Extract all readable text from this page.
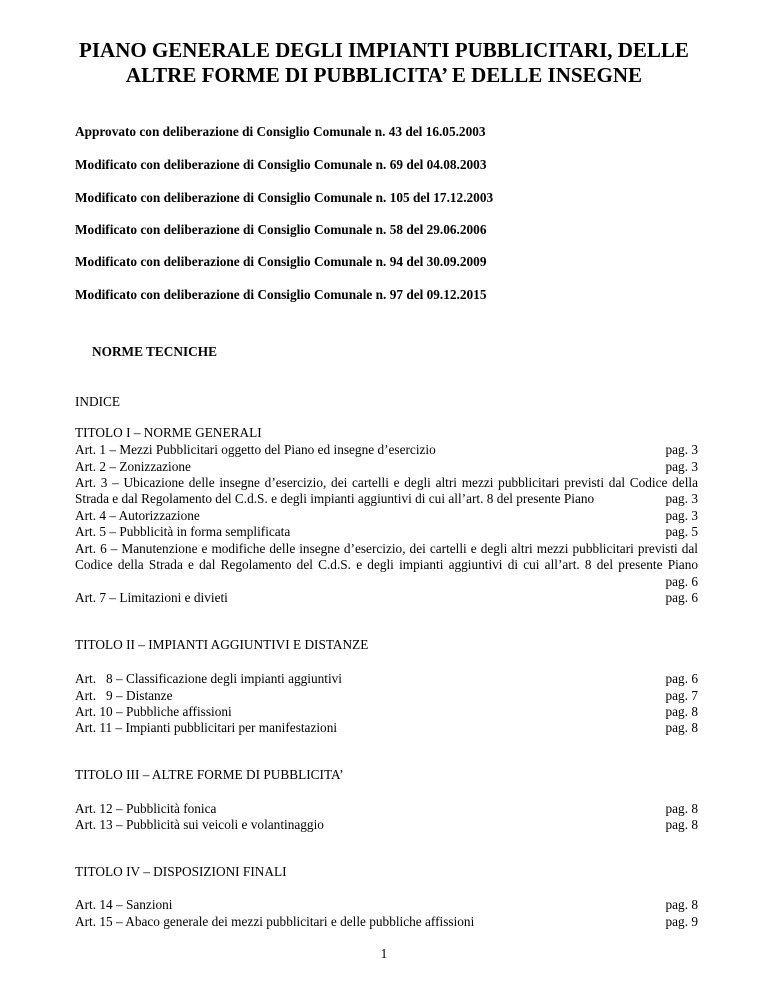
PIANO GENERALE DEGLI IMPIANTI PUBBLICITARI, DELLE
ALTRE FORME DI PUBBLICITA’ E DELLE INSEGNE
Approvato con deliberazione di Consiglio Comunale n. 43 del 16.05.2003
Modificato con deliberazione di Consiglio Comunale n. 69 del 04.08.2003
Modificato con deliberazione di Consiglio Comunale n. 105 del 17.12.2003
Modificato con deliberazione di Consiglio Comunale n. 58 del 29.06.2006
Modificato con deliberazione di Consiglio Comunale n. 94 del 30.09.2009
Modificato con deliberazione di Consiglio Comunale n. 97 del 09.12.2015
NORME TECNICHE
INDICE
TITOLO I – NORME GENERALI
Art. 1 – Mezzi Pubblicitari oggetto del Piano ed insegne d’esercizio	pag. 3
Art. 2 – Zonizzazione	pag. 3
Art. 3 – Ubicazione delle insegne d’esercizio, dei cartelli e degli altri mezzi pubblicitari previsti dal Codice della
Strada e dal Regolamento del C.d.S. e degli impianti aggiuntivi di cui all’art. 8 del presente Piano	pag. 3
Art. 4 – Autorizzazione	pag. 3
Art. 5 – Pubblicità in forma semplificata	pag. 5
Art. 6 – Manutenzione e modifiche delle insegne d’esercizio, dei cartelli e degli altri mezzi pubblicitari previsti dal
Codice della Strada e dal Regolamento del C.d.S. e degli impianti aggiuntivi di cui all’art. 8 del presente Piano
pag. 6
Art. 7 – Limitazioni e divieti	pag. 6
TITOLO II – IMPIANTI AGGIUNTIVI E DISTANZE
Art.   8 – Classificazione degli impianti aggiuntivi	pag. 6
Art.   9 – Distanze	pag. 7
Art. 10 – Pubbliche affissioni	pag. 8
Art. 11 – Impianti pubblicitari per manifestazioni	pag. 8
TITOLO III – ALTRE FORME DI PUBBLICITA’
Art. 12 – Pubblicità fonica	pag. 8
Art. 13 – Pubblicità sui veicoli e volantinaggio	pag. 8
TITOLO IV – DISPOSIZIONI FINALI
Art. 14 – Sanzioni	pag. 8
Art. 15 – Abaco generale dei mezzi pubblicitari e delle pubbliche affissioni	pag. 9
1
